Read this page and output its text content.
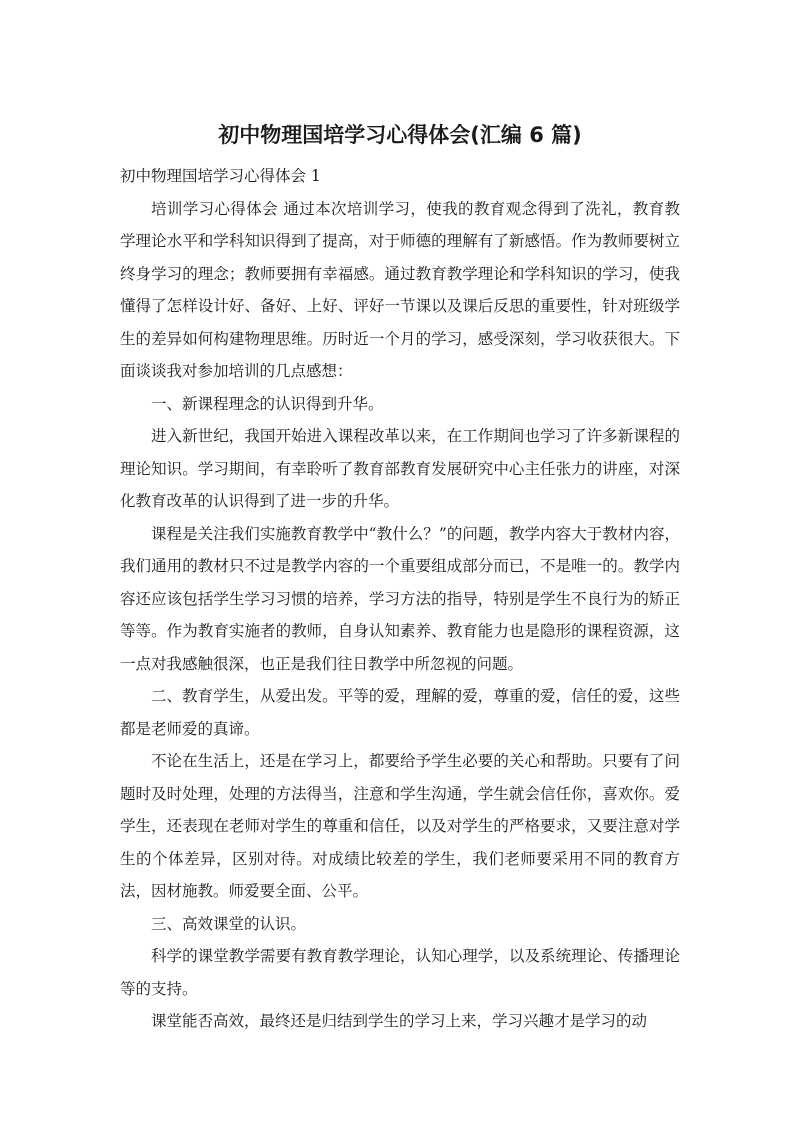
初中物理国培学习心得体会(汇编 6 篇)

初中物理国培学习心得体会 1

培训学习心得体会 通过本次培训学习，使我的教育观念得到了洗礼，教育教学理论水平和学科知识得到了提高，对于师德的理解有了新感悟。作为教师要树立终身学习的理念；教师要拥有幸福感。通过教育教学理论和学科知识的学习，使我懂得了怎样设计好、备好、上好、评好一节课以及课后反思的重要性，针对班级学生的差异如何构建物理思维。历时近一个月的学习，感受深刻，学习收获很大。下面谈谈我对参加培训的几点感想：

一、新课程理念的认识得到升华。

进入新世纪，我国开始进入课程改革以来，在工作期间也学习了许多新课程的理论知识。学习期间，有幸聆听了教育部教育发展研究中心主任张力的讲座，对深化教育改革的认识得到了进一步的升华。

课程是关注我们实施教育教学中“教什么？”的问题，教学内容大于教材内容，我们通用的教材只不过是教学内容的一个重要组成部分而已，不是唯一的。教学内容还应该包括学生学习习惯的培养，学习方法的指导，特别是学生不良行为的矫正等等。作为教育实施者的教师，自身认知素养、教育能力也是隐形的课程资源，这一点对我感触很深，也正是我们往日教学中所忽视的问题。

二、教育学生，从爱出发。平等的爱，理解的爱，尊重的爱，信任的爱，这些都是老师爱的真谛。

不论在生活上，还是在学习上，都要给予学生必要的关心和帮助。只要有了问题时及时处理，处理的方法得当，注意和学生沟通，学生就会信任你，喜欢你。爱学生，还表现在老师对学生的尊重和信任，以及对学生的严格要求，又要注意对学生的个体差异，区别对待。对成绩比较差的学生，我们老师要采用不同的教育方法，因材施教。师爱要全面、公平。

三、高效课堂的认识。

科学的课堂教学需要有教育教学理论，认知心理学，以及系统理论、传播理论等的支持。

课堂能否高效，最终还是归结到学生的学习上来，学习兴趣才是学习的动
